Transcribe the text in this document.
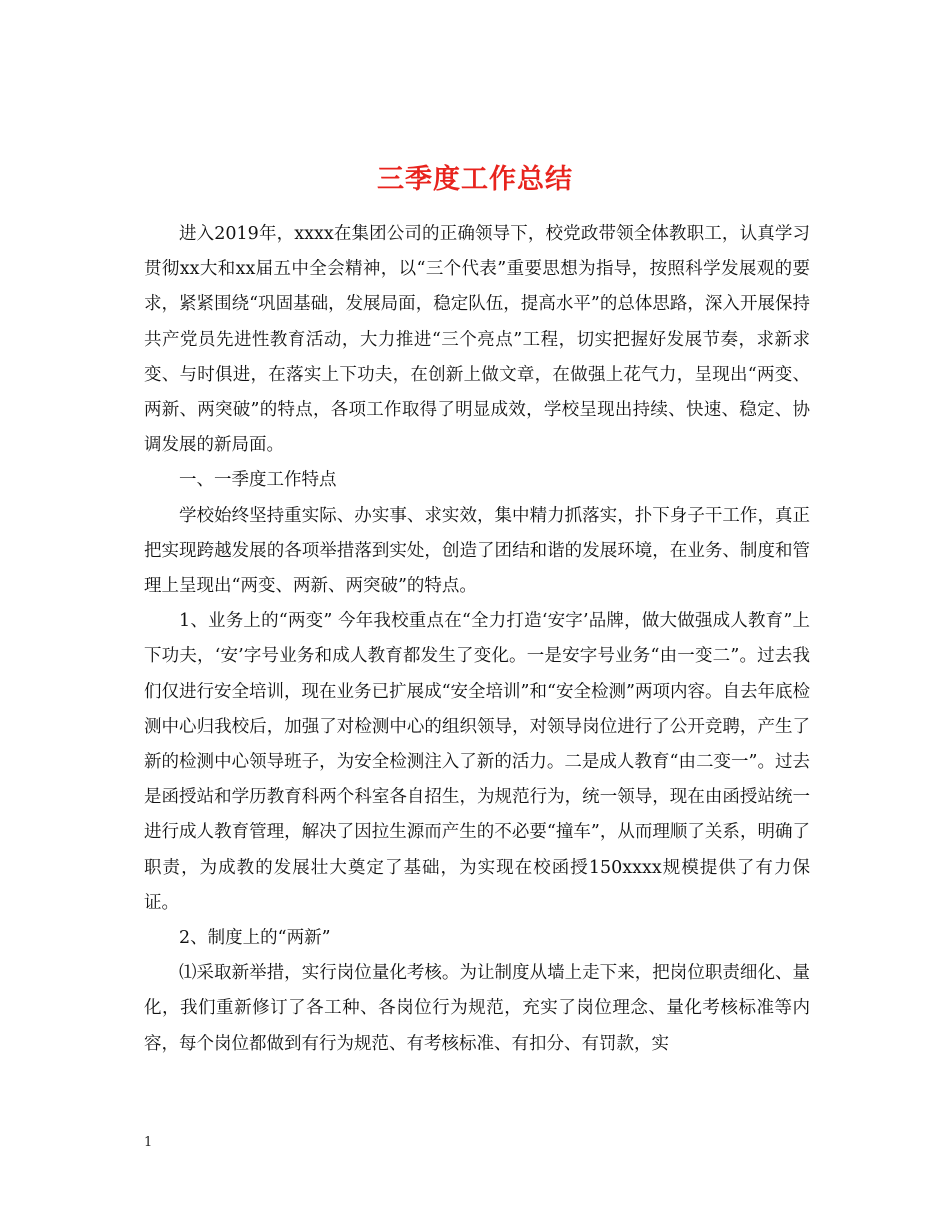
三季度工作总结

进入2019年，xxxx在集团公司的正确领导下，校党政带领全体教职工，认真学习贯彻xx大和xx届五中全会精神，以“三个代表”重要思想为指导，按照科学发展观的要求，紧紧围绕“巩固基础，发展局面，稳定队伍，提高水平”的总体思路，深入开展保持共产党员先进性教育活动，大力推进“三个亮点”工程，切实把握好发展节奏，求新求变、与时俱进，在落实上下功夫，在创新上做文章，在做强上花气力，呈现出“两变、两新、两突破”的特点，各项工作取得了明显成效，学校呈现出持续、快速、稳定、协调发展的新局面。

一、一季度工作特点

学校始终坚持重实际、办实事、求实效，集中精力抓落实，扑下身子干工作，真正把实现跨越发展的各项举措落到实处，创造了团结和谐的发展环境，在业务、制度和管理上呈现出“两变、两新、两突破”的特点。

1、业务上的“两变” 今年我校重点在“全力打造‘安字’品牌，做大做强成人教育”上下功夫，‘安’字号业务和成人教育都发生了变化。一是安字号业务“由一变二”。过去我们仅进行安全培训，现在业务已扩展成“安全培训”和“安全检测”两项内容。自去年底检测中心归我校后，加强了对检测中心的组织领导，对领导岗位进行了公开竞聘，产生了新的检测中心领导班子，为安全检测注入了新的活力。二是成人教育“由二变一”。过去是函授站和学历教育科两个科室各自招生，为规范行为，统一领导，现在由函授站统一进行成人教育管理，解决了因拉生源而产生的不必要“撞车”，从而理顺了关系，明确了职责，为成教的发展壮大奠定了基础，为实现在校函授150xxxx规模提供了有力保证。

2、制度上的“两新”

⑴采取新举措，实行岗位量化考核。为让制度从墙上走下来，把岗位职责细化、量化，我们重新修订了各工种、各岗位行为规范，充实了岗位理念、量化考核标准等内容，每个岗位都做到有行为规范、有考核标准、有扣分、有罚款，实

1
